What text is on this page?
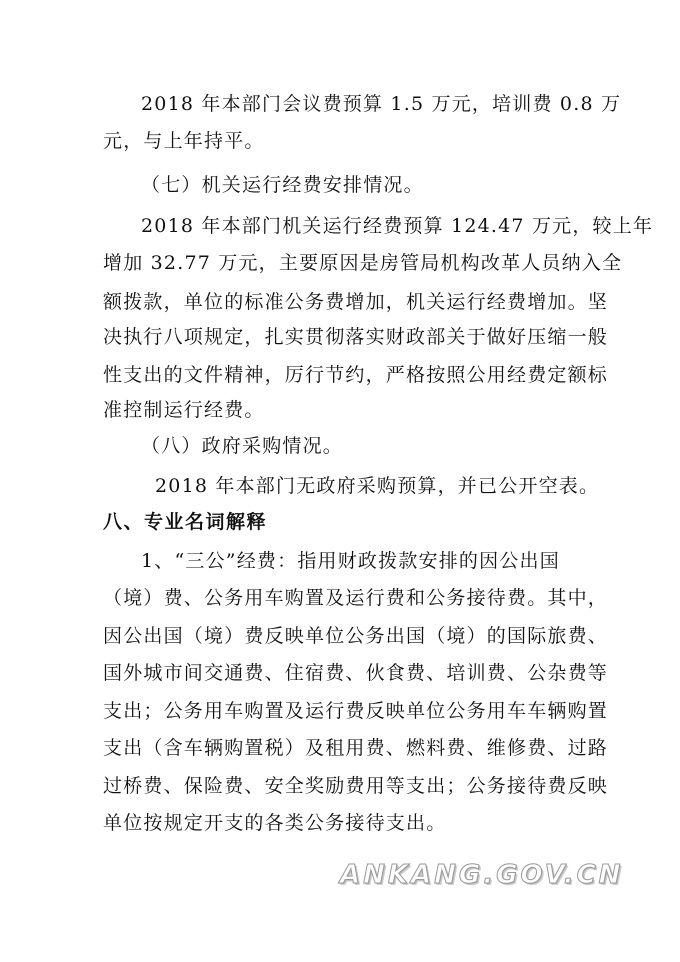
2018 年本部门会议费预算 1.5 万元，培训费 0.8 万
元，与上年持平。
（七）机关运行经费安排情况。
2018 年本部门机关运行经费预算 124.47 万元，较上年
增加 32.77 万元，主要原因是房管局机构改革人员纳入全
额拨款，单位的标准公务费增加，机关运行经费增加。坚
决执行八项规定，扎实贯彻落实财政部关于做好压缩一般
性支出的文件精神，厉行节约，严格按照公用经费定额标
准控制运行经费。
（八）政府采购情况。
2018 年本部门无政府采购预算，并已公开空表。
八、专业名词解释
1、“三公”经费：指用财政拨款安排的因公出国
（境）费、公务用车购置及运行费和公务接待费。其中，
因公出国（境）费反映单位公务出国（境）的国际旅费、
国外城市间交通费、住宿费、伙食费、培训费、公杂费等
支出；公务用车购置及运行费反映单位公务用车车辆购置
支出（含车辆购置税）及租用费、燃料费、维修费、过路
过桥费、保险费、安全奖励费用等支出；公务接待费反映
单位按规定开支的各类公务接待支出。
ANKANG.GOV.CN
